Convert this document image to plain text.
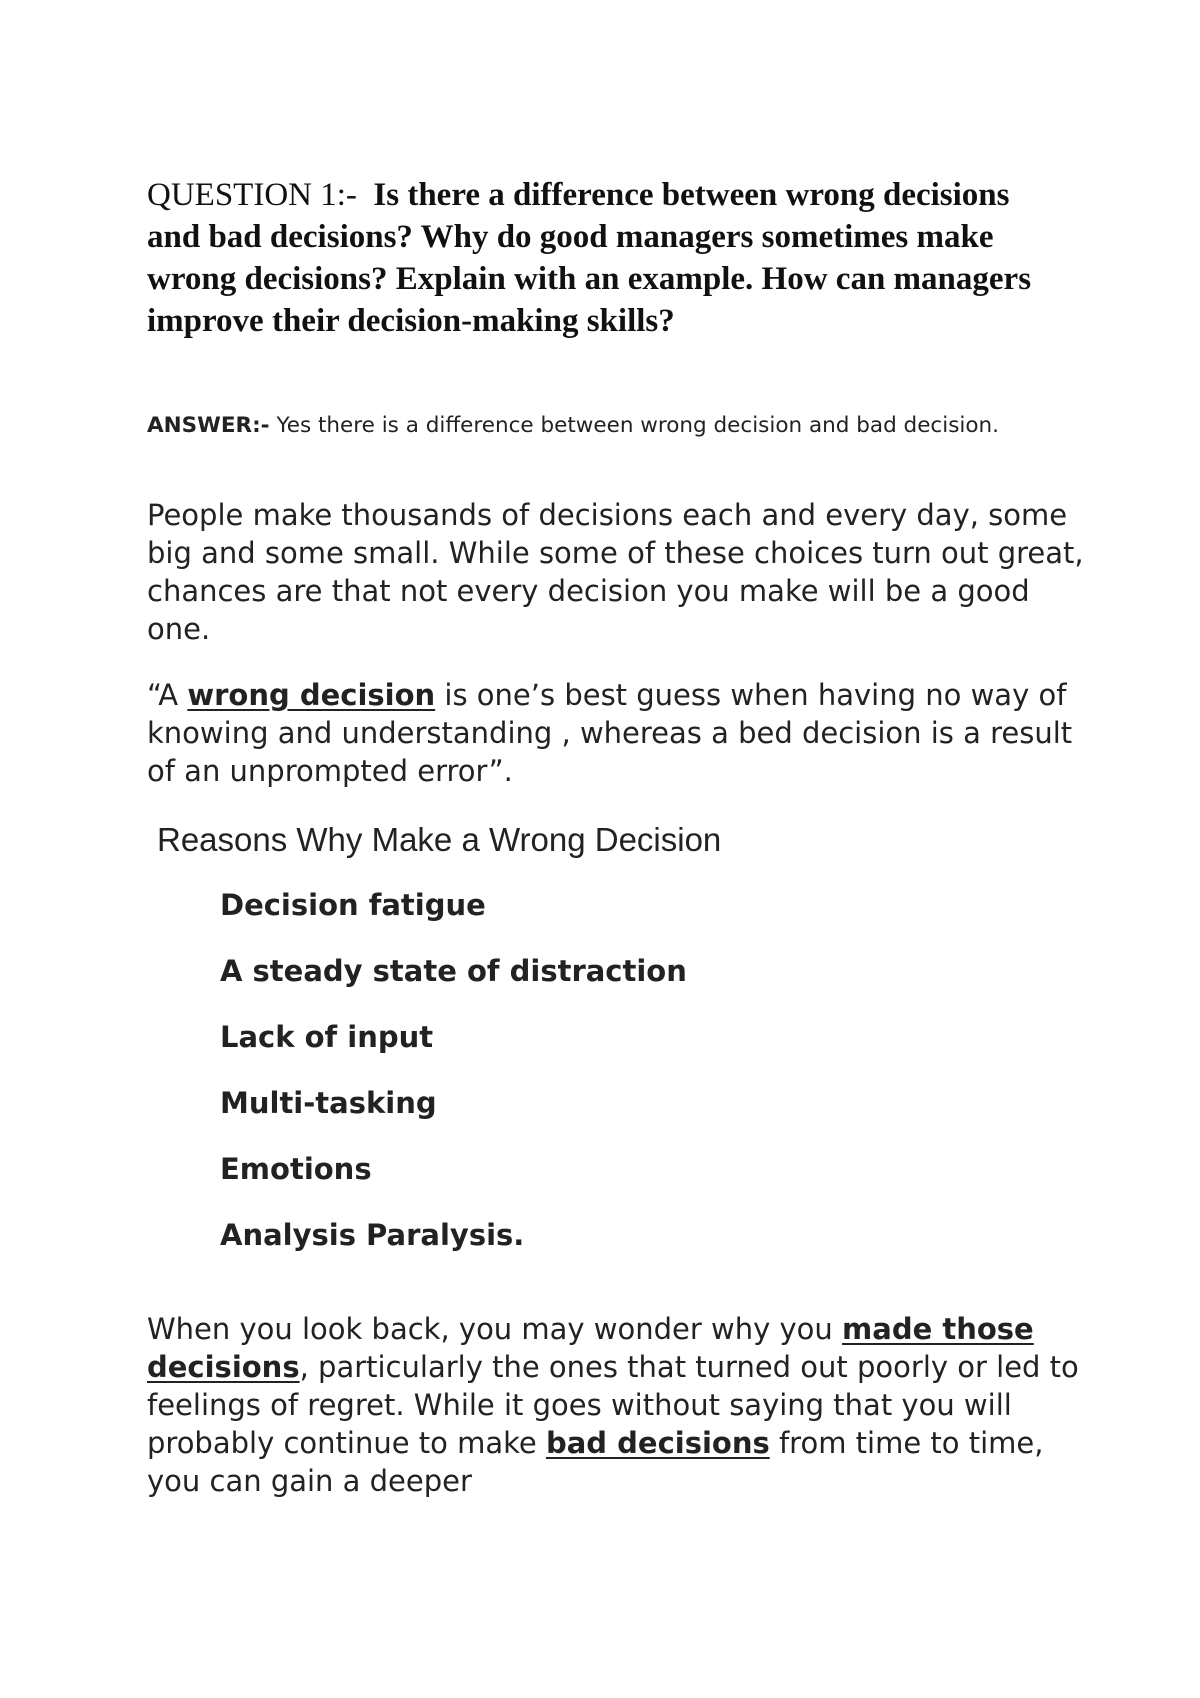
QUESTION 1:- Is there a difference between wrong decisions and bad decisions? Why do good managers sometimes make wrong decisions? Explain with an example. How can managers improve their decision-making skills?

ANSWER:- Yes there is a difference between wrong decision and bad decision.

People make thousands of decisions each and every day, some big and some small. While some of these choices turn out great, chances are that not every decision you make will be a good one.

“A wrong decision is one’s best guess when having no way of knowing and understanding , whereas a bed decision is a result of an unprompted error”.

Reasons Why Make a Wrong Decision
Decision fatigue
A steady state of distraction
Lack of input
Multi-tasking
Emotions
Analysis Paralysis.

When you look back, you may wonder why you made those decisions, particularly the ones that turned out poorly or led to feelings of regret. While it goes without saying that you will probably continue to make bad decisions from time to time, you can gain a deeper
